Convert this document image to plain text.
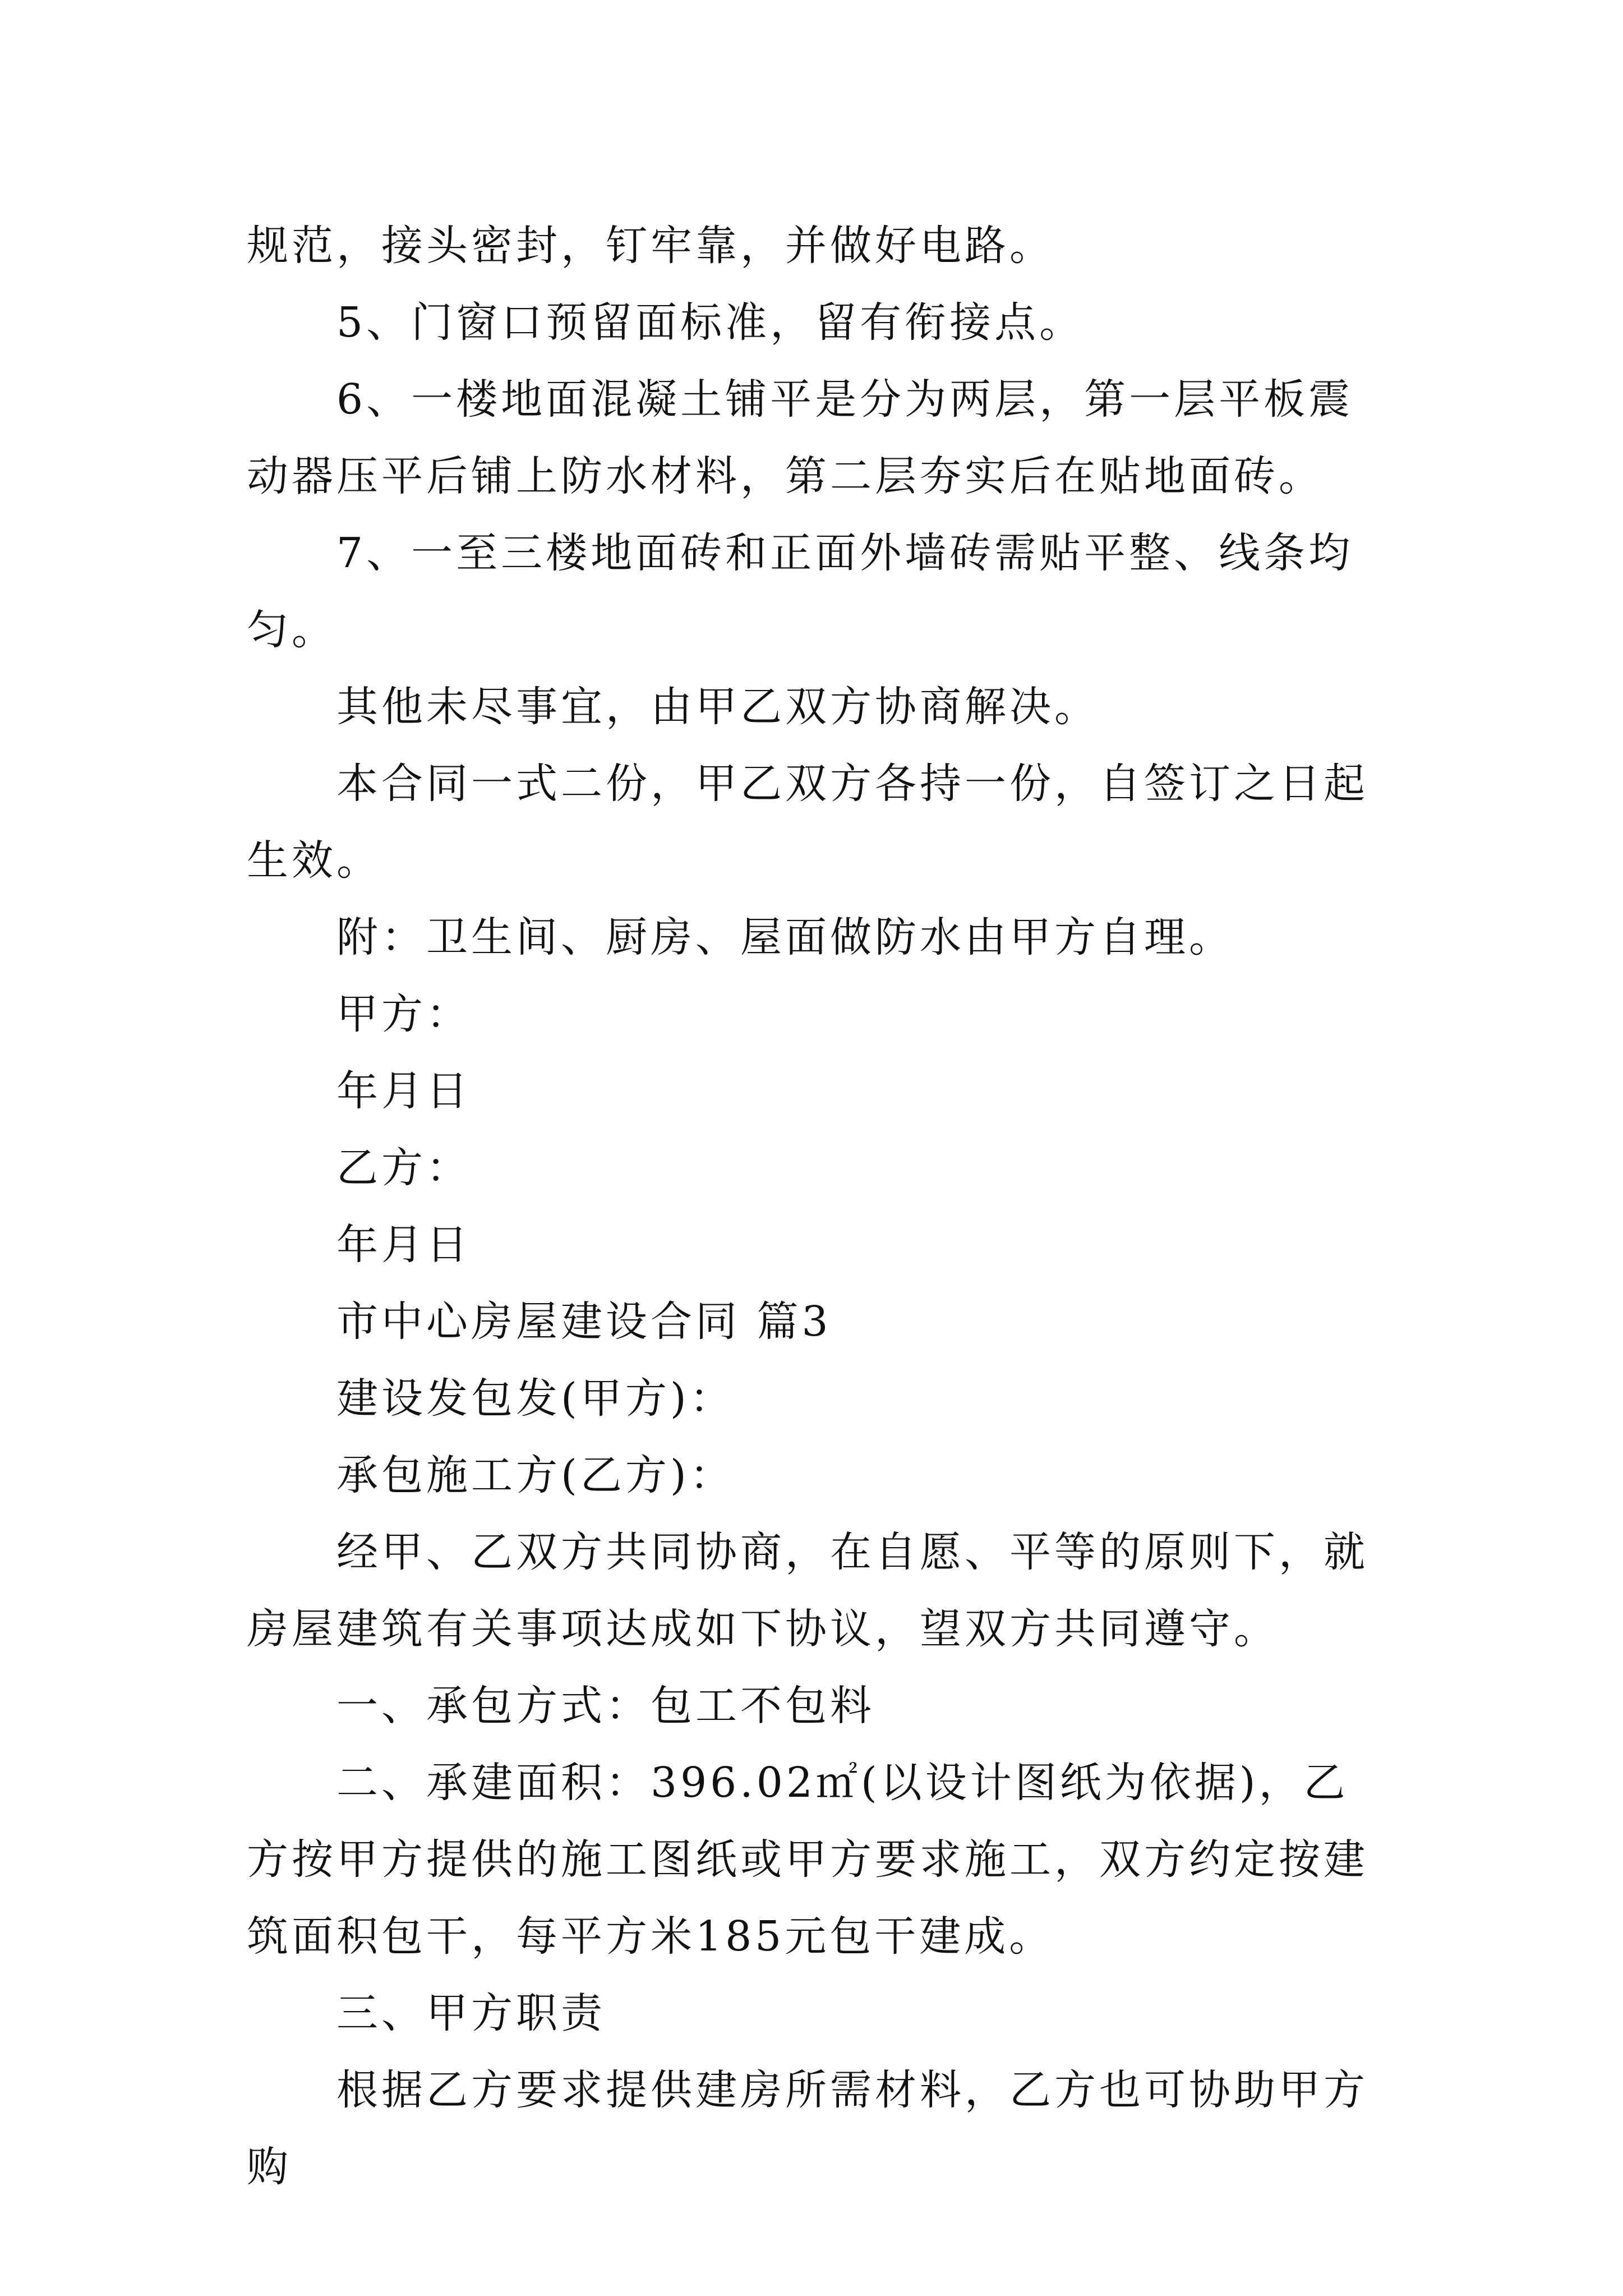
规范，接头密封，钉牢靠，并做好电路。

5、门窗口预留面标准，留有衔接点。

6、一楼地面混凝土铺平是分为两层，第一层平板震动器压平后铺上防水材料，第二层夯实后在贴地面砖。

7、一至三楼地面砖和正面外墙砖需贴平整、线条均匀。

其他未尽事宜，由甲乙双方协商解决。

本合同一式二份，甲乙双方各持一份，自签订之日起生效。

附：卫生间、厨房、屋面做防水由甲方自理。

甲方：

年月日

乙方：

年月日

市中心房屋建设合同 篇3

建设发包发(甲方)：

承包施工方(乙方)：

经甲、乙双方共同协商，在自愿、平等的原则下，就房屋建筑有关事项达成如下协议，望双方共同遵守。

一、承包方式：包工不包料

二、承建面积：396.02㎡(以设计图纸为依据)，乙方按甲方提供的施工图纸或甲方要求施工，双方约定按建筑面积包干，每平方米185元包干建成。

三、甲方职责

根据乙方要求提供建房所需材料，乙方也可协助甲方购
